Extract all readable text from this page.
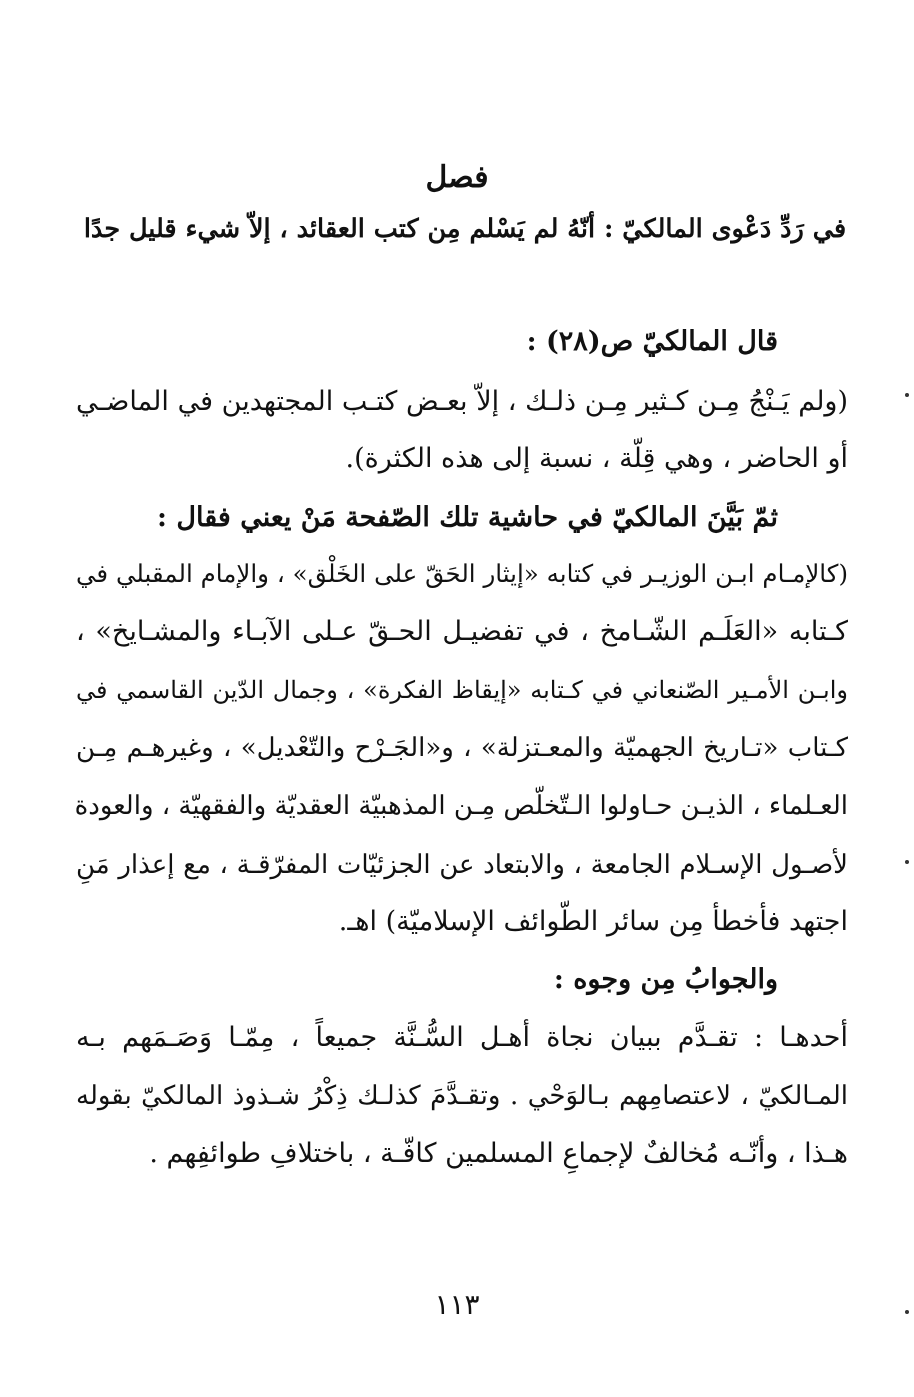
فصل
في رَدِّ دَعْوى المالكيّ : أنّهُ لم يَسْلم مِن كتب العقائد ، إلاّ شيء قليل جدًا
قال المالكيّ ص(٢٨) :
(ولم يَـنْجُ مِـن كـثير مِـن ذلـك ، إلاّ بعـض كتـب المجتهدين في الماضـي
أو الحاضر ، وهي قِلّة ، نسبة إلى هذه الكثرة).
ثمّ بَيَّنَ المالكيّ في حاشية تلك الصّفحة مَنْ يعني فقال :
(كالإمـام ابـن الوزيـر في كتابه «إيثار الحَقّ على الخَلْق» ، والإمام المقبلي في
كـتابه «العَلَـم الشّـامخ ، في تفضيـل الحـقّ عـلى الآبـاء والمشـايخ» ،
وابـن الأمـير الصّنعاني في كـتابه «إيقاظ الفكرة» ، وجمال الدّين القاسمي في
كـتاب «تـاريخ الجهميّة والمعـتزلة» ، و«الجَـرْح والتّعْديل» ، وغيرهـم مِـن
العـلماء ، الذيـن حـاولوا الـتّخلّص مِـن المذهبيّة العقديّة والفقهيّة ، والعودة
لأصـول الإسـلام الجامعة ، والابتعاد عن الجزئيّات المفرّقـة ، مع إعذار مَنِ
اجتهد فأخطأ مِن سائر الطّوائف الإسلاميّة) اهـ.
والجوابُ مِن وجوه :
أحدهـا : تقـدَّم ببيان نجاة أهـل السُّـنَّة جميعاً ، مِمّـا وَصَـمَهم بـه
المـالكيّ ، لاعتصامِهم بـالوَحْي . وتقـدَّمَ كذلـك ذِكْرُ شـذوذ المالكيّ بقوله
هـذا ، وأنّـه مُخالفٌ لإجماعِ المسلمين كافّـة ، باختلافِ طوائفِهم .
١١٣
